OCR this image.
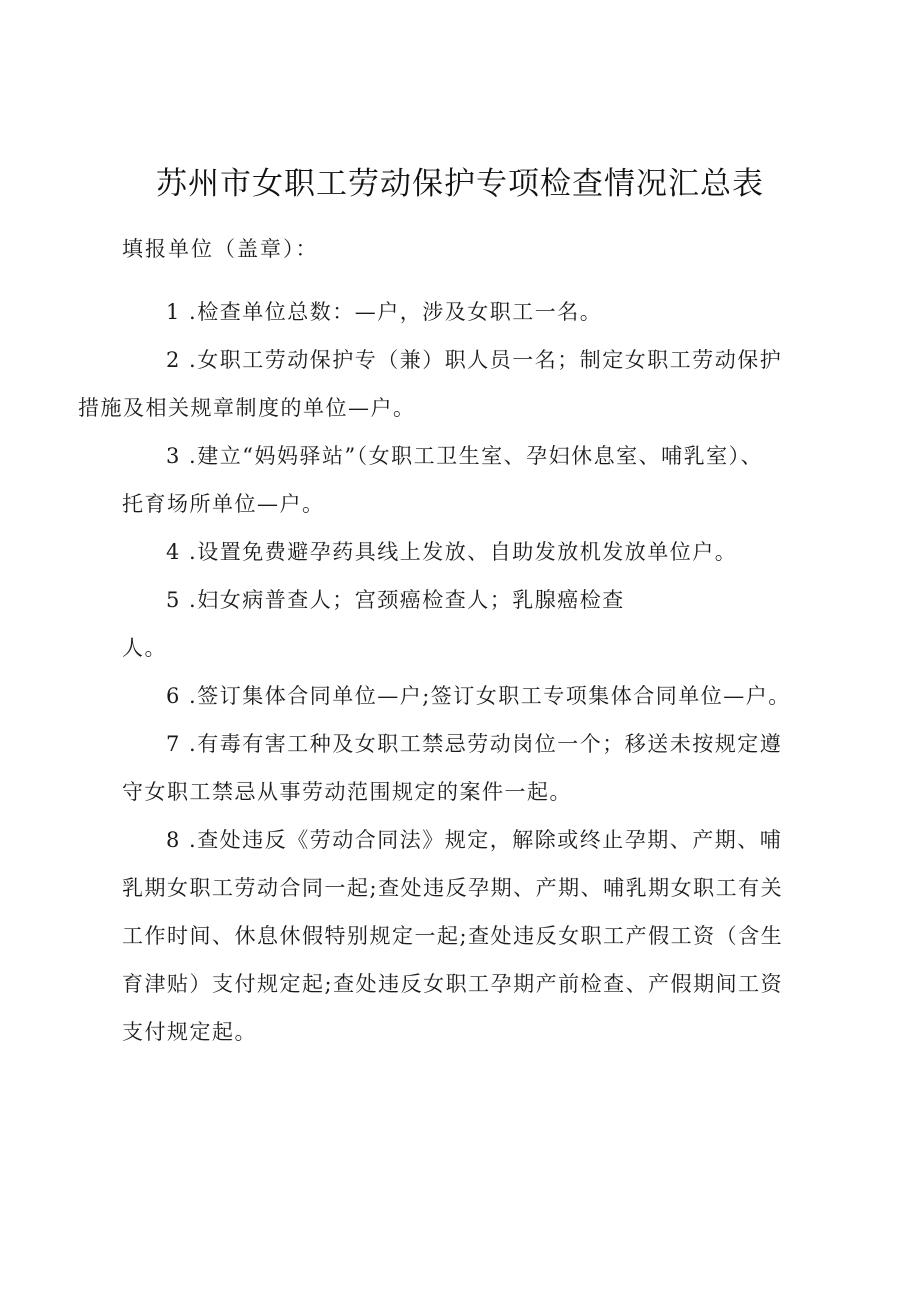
苏州市女职工劳动保护专项检查情况汇总表
填报单位（盖章）：

1 .检查单位总数：—户，涉及女职工一名。

2 .女职工劳动保护专（兼）职人员一名；制定女职工劳动保护
措施及相关规章制度的单位—户。

3 .建立“妈妈驿站”（女职工卫生室、孕妇休息室、哺乳室）、
托育场所单位—户。

4 .设置免费避孕药具线上发放、自助发放机发放单位户。

5 .妇女病普查人；宫颈癌检查人；乳腺癌检查
人。

6 .签订集体合同单位—户;签订女职工专项集体合同单位—户。

7 .有毒有害工种及女职工禁忌劳动岗位一个；移送未按规定遵
守女职工禁忌从事劳动范围规定的案件一起。

8 .查处违反《劳动合同法》规定，解除或终止孕期、产期、哺
乳期女职工劳动合同一起;查处违反孕期、产期、哺乳期女职工有关
工作时间、休息休假特别规定一起;查处违反女职工产假工资（含生
育津贴）支付规定起;查处违反女职工孕期产前检查、产假期间工资
支付规定起。
